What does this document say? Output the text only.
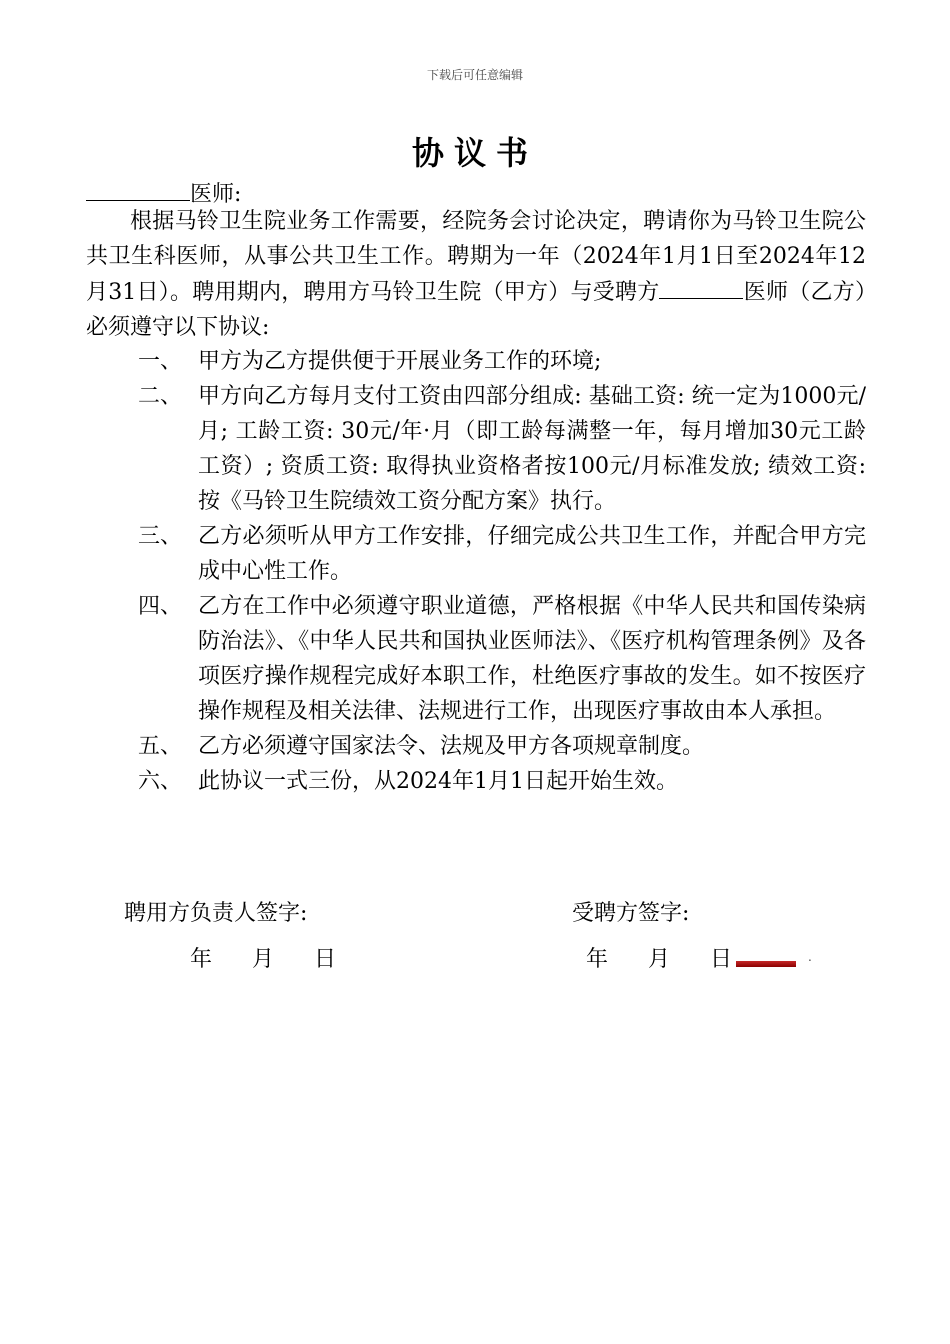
下载后可任意编辑
协议书
医师:

根据马铃卫生院业务工作需要，经院务会讨论决定，聘请你为马铃卫生院公共卫生科医师，从事公共卫生工作。聘期为一年（2024年1月1日至2024年12月31日）。聘用期内，聘用方马铃卫生院（甲方）与受聘方	医师（乙方）必须遵守以下协议:

一、 甲方为乙方提供便于开展业务工作的环境;
二、 甲方向乙方每月支付工资由四部分组成: 基础工资: 统一定为1000元/月; 工龄工资: 30元/年·月（即工龄每满整一年，每月增加30元工龄工资）; 资质工资: 取得执业资格者按100元/月标准发放; 绩效工资: 按《马铃卫生院绩效工资分配方案》执行。
三、 乙方必须听从甲方工作安排，仔细完成公共卫生工作，并配合甲方完成中心性工作。
四、 乙方在工作中必须遵守职业道德，严格根据《中华人民共和国传染病防治法》、《中华人民共和国执业医师法》、《医疗机构管理条例》及各项医疗操作规程完成好本职工作，杜绝医疗事故的发生。如不按医疗操作规程及相关法律、法规进行工作，出现医疗事故由本人承担。
五、 乙方必须遵守国家法令、法规及甲方各项规章制度。
六、 此协议一式三份，从2024年1月1日起开始生效。
聘用方负责人签字:	受聘方签字:
年 月 日	年 月 日	.
